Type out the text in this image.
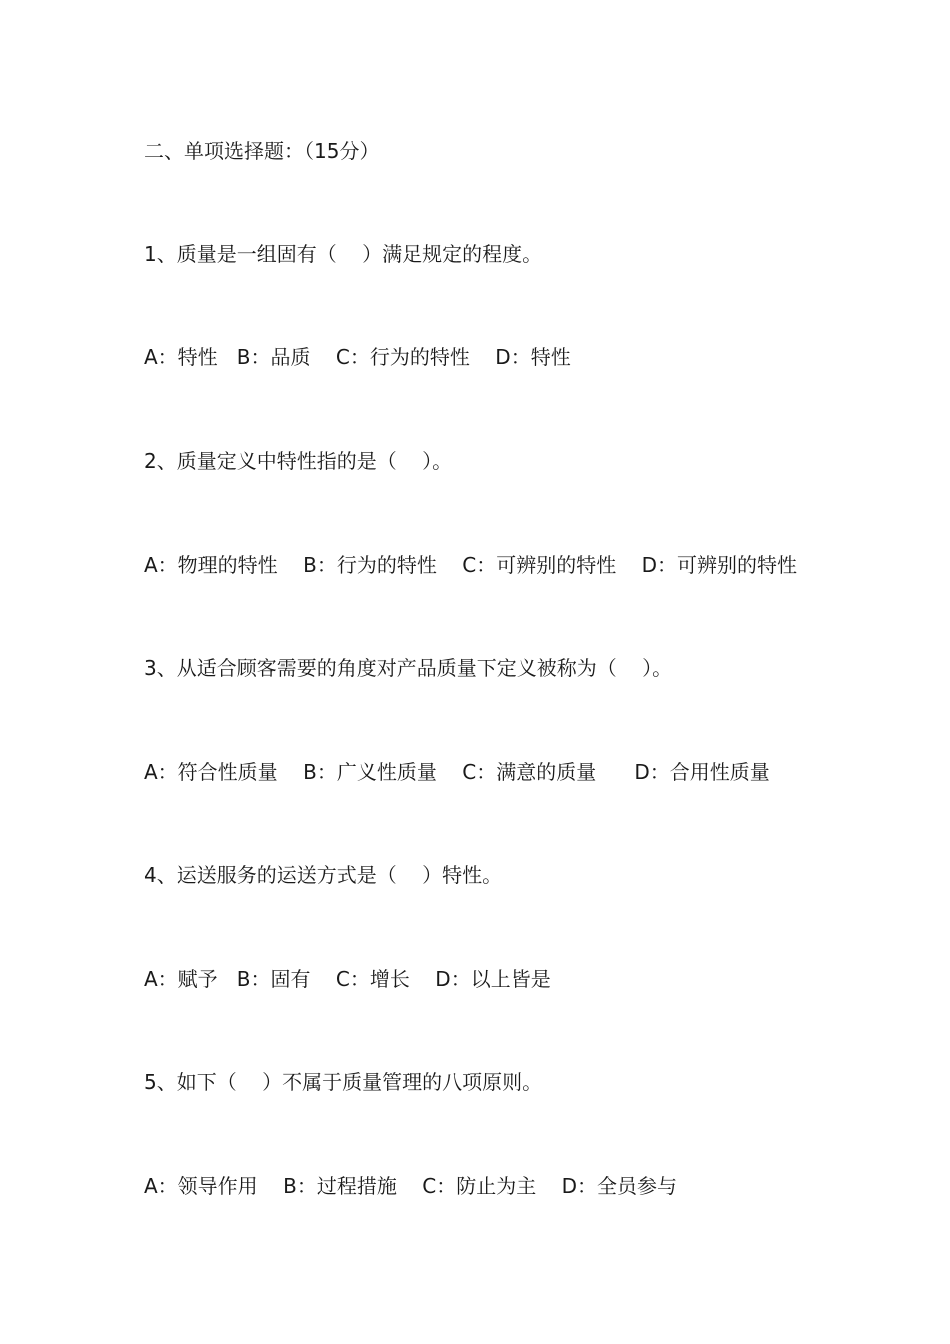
二、单项选择题：（15分）

1、质量是一组固有（    ）满足规定的程度。

A：特性   B：品质    C：行为的特性    D：特性

2、质量定义中特性指的是（    ）。

A：物理的特性    B：行为的特性    C：可辨别的特性    D：可辨别的特性

3、从适合顾客需要的角度对产品质量下定义被称为（    ）。

A：符合性质量    B：广义性质量    C：满意的质量      D：合用性质量

4、运送服务的运送方式是（    ）特性。

A：赋予   B：固有    C：增长    D：以上皆是

5、如下（    ）不属于质量管理的八项原则。

A：领导作用    B：过程措施    C：防止为主    D：全员参与
